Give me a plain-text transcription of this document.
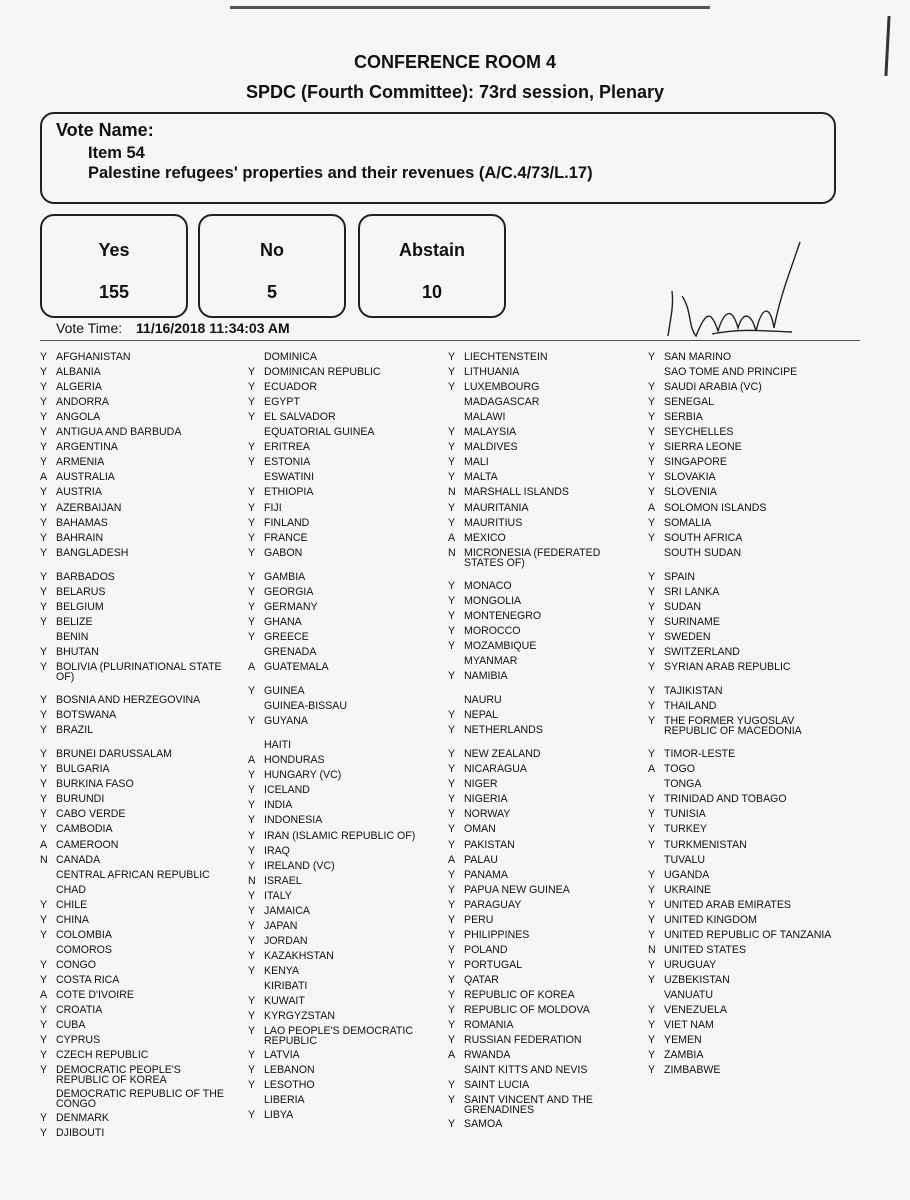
CONFERENCE ROOM 4
SPDC (Fourth Committee): 73rd session, Plenary
Vote Name:
Item 54
Palestine refugees' properties and their revenues (A/C.4/73/L.17)
Yes
155
No
5
Abstain
10
Vote Time: 11/16/2018 11:34:03 AM
Y AFGHANISTAN
Y ALBANIA
Y ALGERIA
Y ANDORRA
Y ANGOLA
Y ANTIGUA AND BARBUDA
Y ARGENTINA
Y ARMENIA
A AUSTRALIA
Y AUSTRIA
Y AZERBAIJAN
Y BAHAMAS
Y BAHRAIN
Y BANGLADESH
Y BARBADOS
Y BELARUS
Y BELGIUM
Y BELIZE
BENIN
Y BHUTAN
Y BOLIVIA (PLURINATIONAL STATE OF)
Y BOSNIA AND HERZEGOVINA
Y BOTSWANA
Y BRAZIL
Y BRUNEI DARUSSALAM
Y BULGARIA
Y BURKINA FASO
Y BURUNDI
Y CABO VERDE
Y CAMBODIA
A CAMEROON
N CANADA
CENTRAL AFRICAN REPUBLIC
CHAD
Y CHILE
Y CHINA
Y COLOMBIA
COMOROS
Y CONGO
Y COSTA RICA
A COTE D'IVOIRE
Y CROATIA
Y CUBA
Y CYPRUS
Y CZECH REPUBLIC
Y DEMOCRATIC PEOPLE'S REPUBLIC OF KOREA
DEMOCRATIC REPUBLIC OF THE CONGO
Y DENMARK
Y DJIBOUTI
DOMINICA
Y DOMINICAN REPUBLIC
Y ECUADOR
Y EGYPT
Y EL SALVADOR
EQUATORIAL GUINEA
Y ERITREA
Y ESTONIA
ESWATINI
Y ETHIOPIA
Y FIJI
Y FINLAND
Y FRANCE
Y GABON
Y GAMBIA
Y GEORGIA
Y GERMANY
Y GHANA
Y GREECE
GRENADA
A GUATEMALA
Y GUINEA
GUINEA-BISSAU
Y GUYANA
HAITI
A HONDURAS
Y HUNGARY (VC)
Y ICELAND
Y INDIA
Y INDONESIA
Y IRAN (ISLAMIC REPUBLIC OF)
Y IRAQ
Y IRELAND (VC)
N ISRAEL
Y ITALY
Y JAMAICA
Y JAPAN
Y JORDAN
Y KAZAKHSTAN
Y KENYA
KIRIBATI
Y KUWAIT
Y KYRGYZSTAN
Y LAO PEOPLE'S DEMOCRATIC REPUBLIC
Y LATVIA
Y LEBANON
Y LESOTHO
LIBERIA
Y LIBYA
Y LIECHTENSTEIN
Y LITHUANIA
Y LUXEMBOURG
MADAGASCAR
MALAWI
Y MALAYSIA
Y MALDIVES
Y MALI
Y MALTA
N MARSHALL ISLANDS
Y MAURITANIA
Y MAURITIUS
A MEXICO
N MICRONESIA (FEDERATED STATES OF)
Y MONACO
Y MONGOLIA
Y MONTENEGRO
Y MOROCCO
Y MOZAMBIQUE
MYANMAR
Y NAMIBIA
NAURU
Y NEPAL
Y NETHERLANDS
Y NEW ZEALAND
Y NICARAGUA
Y NIGER
Y NIGERIA
Y NORWAY
Y OMAN
Y PAKISTAN
A PALAU
Y PANAMA
Y PAPUA NEW GUINEA
Y PARAGUAY
Y PERU
Y PHILIPPINES
Y POLAND
Y PORTUGAL
Y QATAR
Y REPUBLIC OF KOREA
Y REPUBLIC OF MOLDOVA
Y ROMANIA
Y RUSSIAN FEDERATION
A RWANDA
SAINT KITTS AND NEVIS
Y SAINT LUCIA
Y SAINT VINCENT AND THE GRENADINES
Y SAMOA
Y SAN MARINO
SAO TOME AND PRINCIPE
Y SAUDI ARABIA (VC)
Y SENEGAL
Y SERBIA
Y SEYCHELLES
Y SIERRA LEONE
Y SINGAPORE
Y SLOVAKIA
Y SLOVENIA
A SOLOMON ISLANDS
Y SOMALIA
Y SOUTH AFRICA
SOUTH SUDAN
Y SPAIN
Y SRI LANKA
Y SUDAN
Y SURINAME
Y SWEDEN
Y SWITZERLAND
Y SYRIAN ARAB REPUBLIC
Y TAJIKISTAN
Y THAILAND
Y THE FORMER YUGOSLAV REPUBLIC OF MACEDONIA
Y TIMOR-LESTE
A TOGO
TONGA
Y TRINIDAD AND TOBAGO
Y TUNISIA
Y TURKEY
Y TURKMENISTAN
TUVALU
Y UGANDA
Y UKRAINE
Y UNITED ARAB EMIRATES
Y UNITED KINGDOM
Y UNITED REPUBLIC OF TANZANIA
N UNITED STATES
Y URUGUAY
Y UZBEKISTAN
VANUATU
Y VENEZUELA
Y VIET NAM
Y YEMEN
Y ZAMBIA
Y ZIMBABWE
